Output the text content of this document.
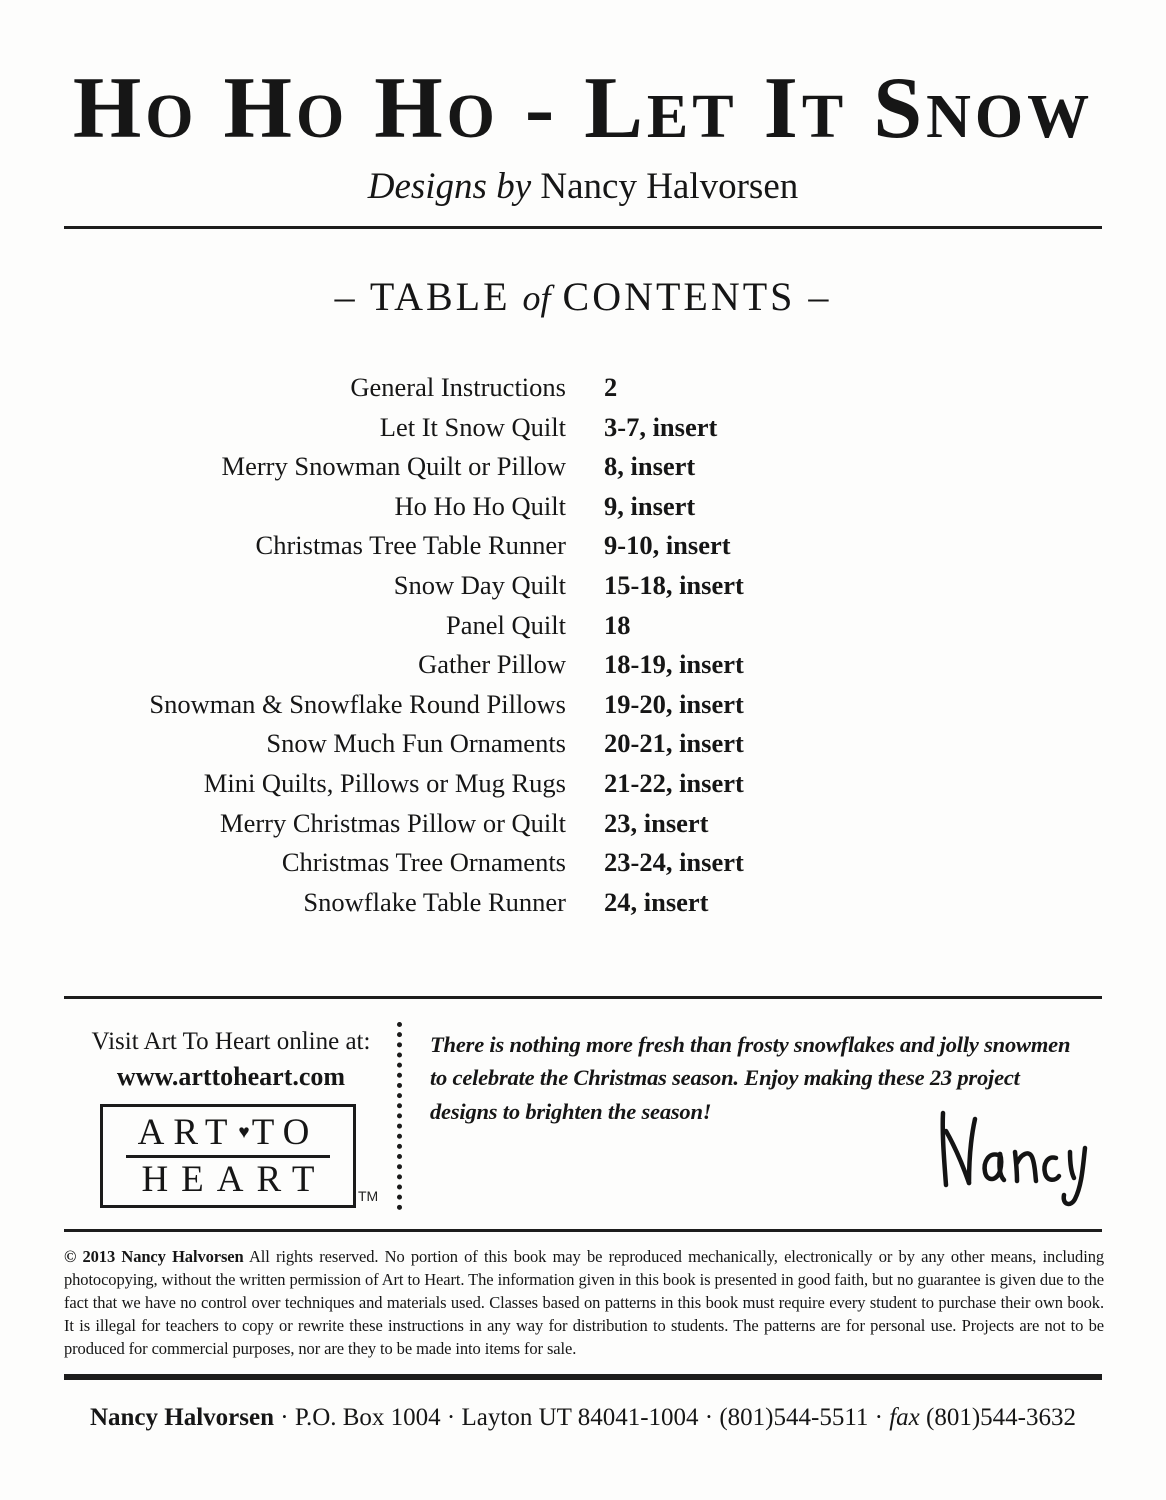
Ho Ho Ho - Let It Snow
Designs by Nancy Halvorsen
– TABLE of CONTENTS –
General Instructions 2
Let It Snow Quilt 3-7, insert
Merry Snowman Quilt or Pillow 8, insert
Ho Ho Ho Quilt 9, insert
Christmas Tree Table Runner 9-10, insert
Snow Day Quilt 15-18, insert
Panel Quilt 18
Gather Pillow 18-19, insert
Snowman & Snowflake Round Pillows 19-20, insert
Snow Much Fun Ornaments 20-21, insert
Mini Quilts, Pillows or Mug Rugs 21-22, insert
Merry Christmas Pillow or Quilt 23, insert
Christmas Tree Ornaments 23-24, insert
Snowflake Table Runner 24, insert
Visit Art To Heart online at:
www.arttoheart.com
ART ♥TO
HEART TM
There is nothing more fresh than frosty snowflakes and jolly snowmen
to celebrate the Christmas season. Enjoy making these 23 project
designs to brighten the season!
© 2013 Nancy Halvorsen All rights reserved. No portion of this book may be reproduced mechanically, electronically or by any other means, including photocopying, without the written permission of Art to Heart. The information given in this book is presented in good faith, but no guarantee is given due to the fact that we have no control over techniques and materials used. Classes based on patterns in this book must require every student to purchase their own book. It is illegal for teachers to copy or rewrite these instructions in any way for distribution to students. The patterns are for personal use. Projects are not to be produced for commercial purposes, nor are they to be made into items for sale.
Nancy Halvorsen · P.O. Box 1004 · Layton UT 84041-1004 · (801)544-5511 · fax (801)544-3632
